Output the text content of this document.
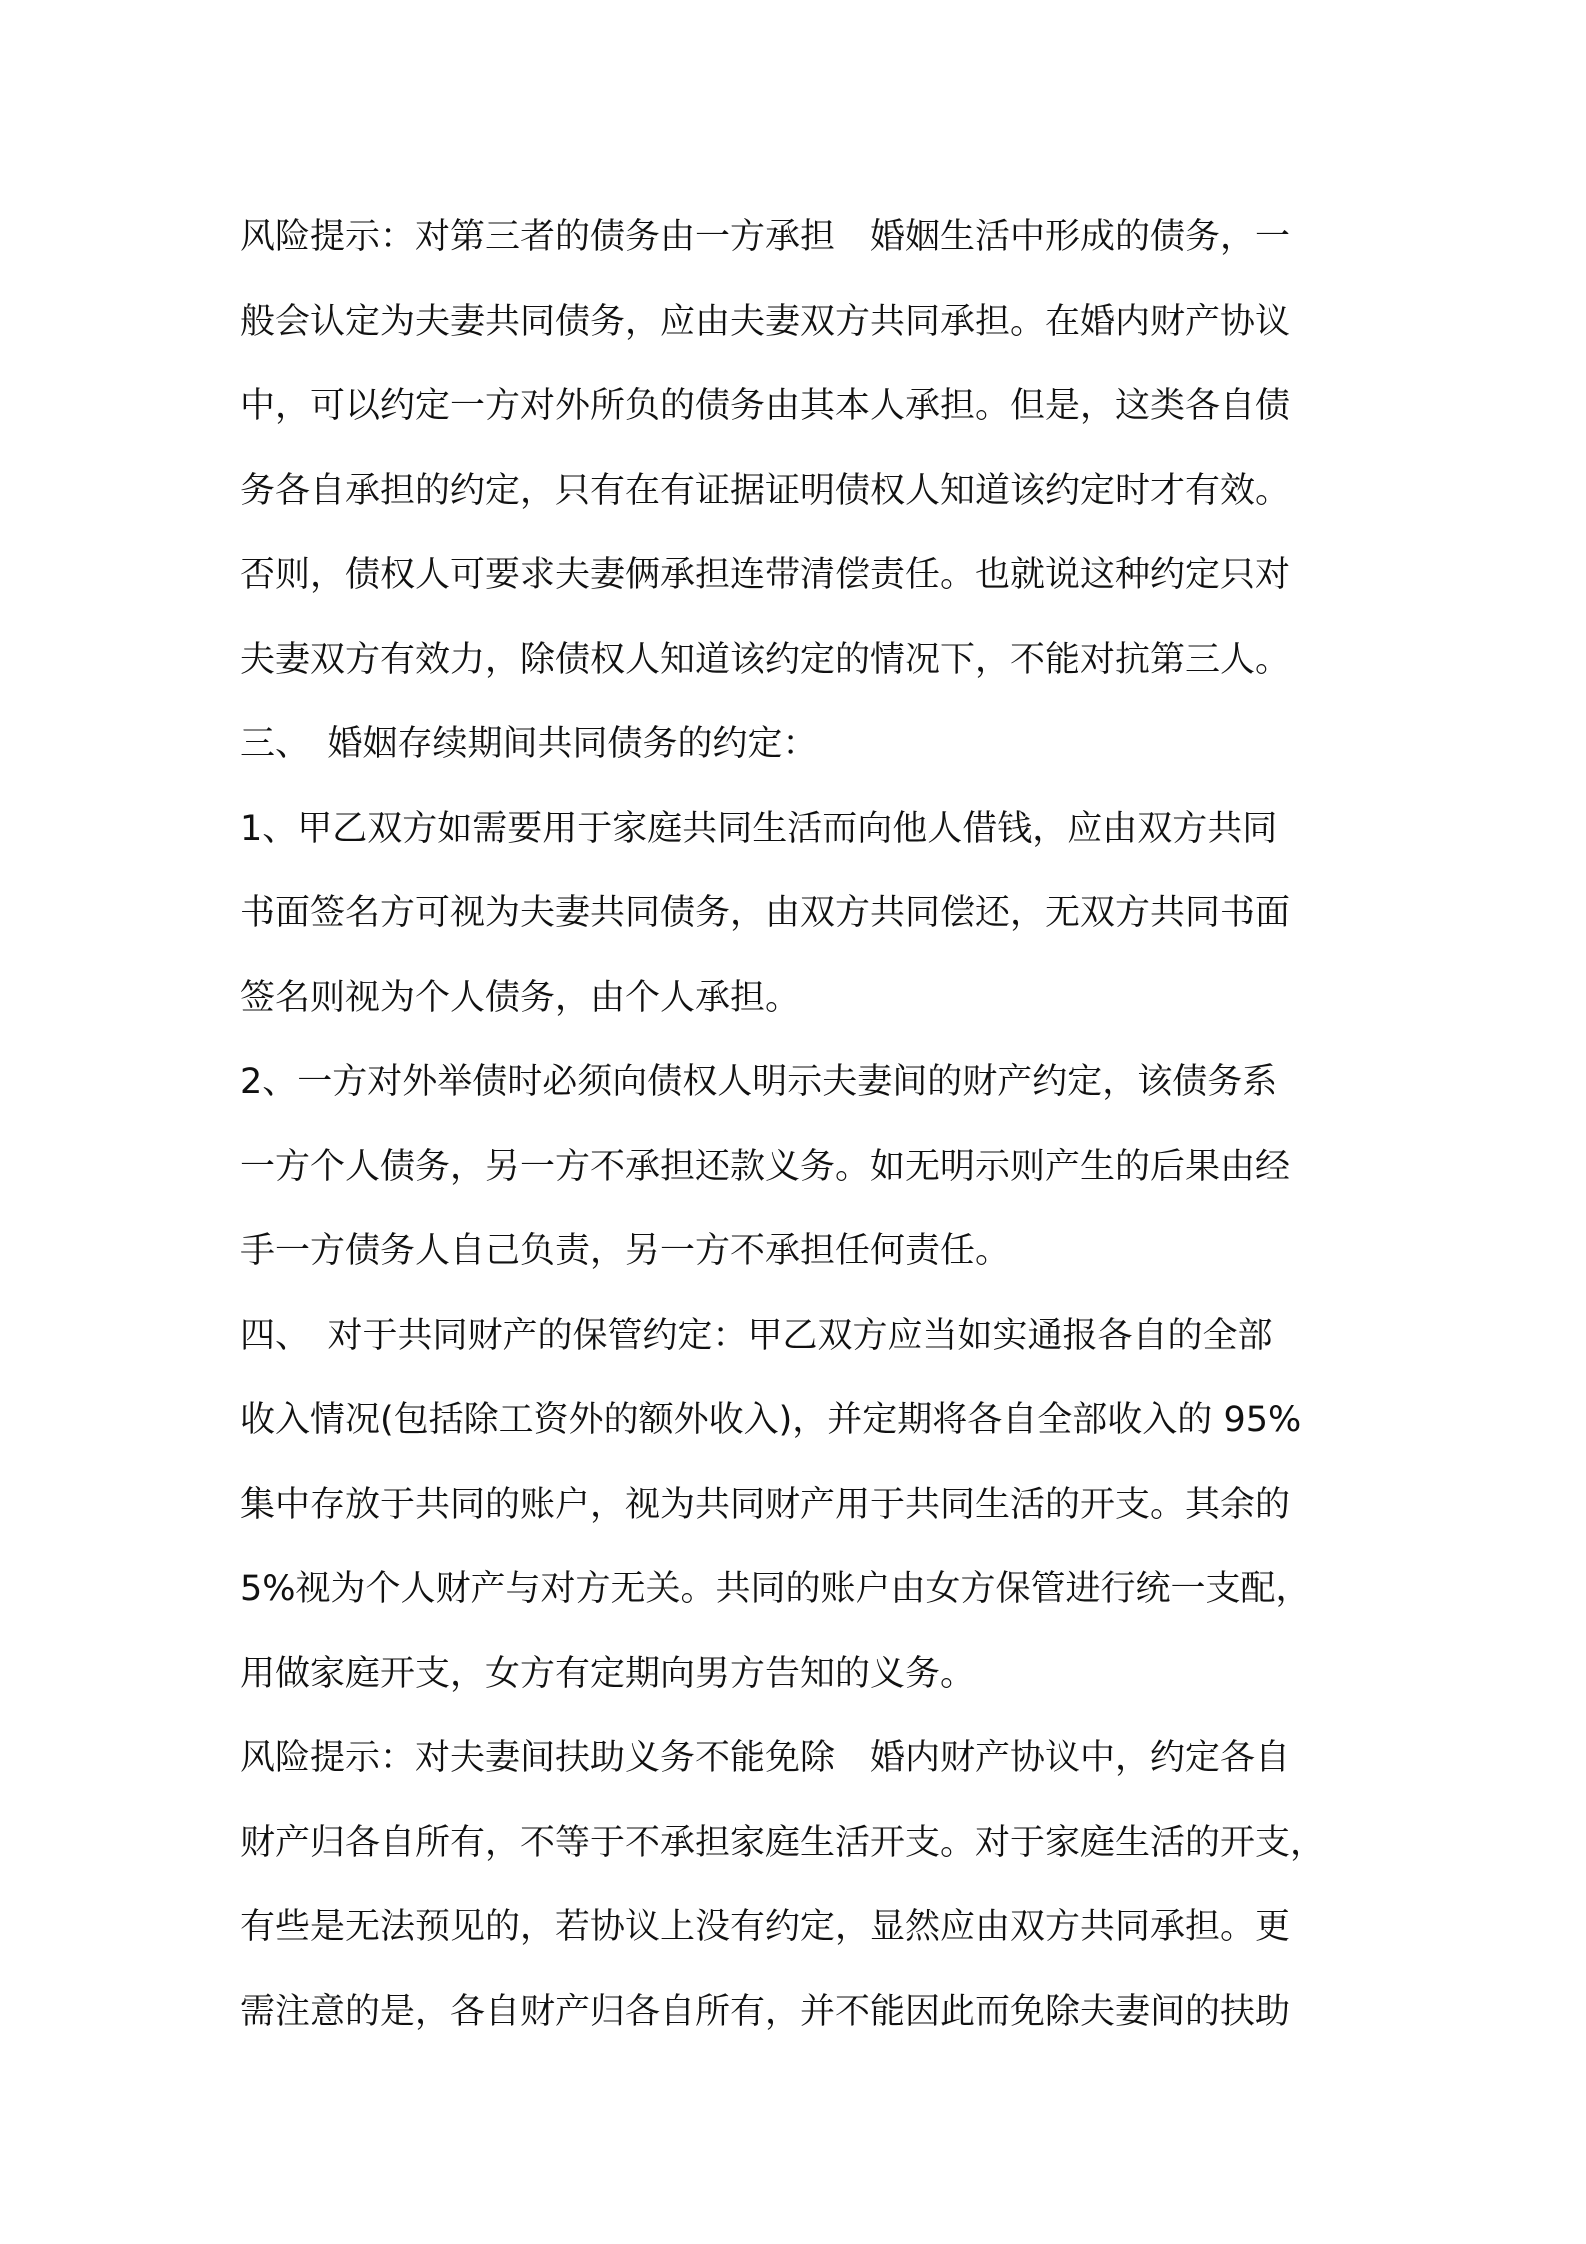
风险提示：对第三者的债务由一方承担　婚姻生活中形成的债务，一
般会认定为夫妻共同债务，应由夫妻双方共同承担。在婚内财产协议
中，可以约定一方对外所负的债务由其本人承担。但是，这类各自债
务各自承担的约定，只有在有证据证明债权人知道该约定时才有效。
否则，债权人可要求夫妻俩承担连带清偿责任。也就说这种约定只对
夫妻双方有效力，除债权人知道该约定的情况下，不能对抗第三人。
三、　婚姻存续期间共同债务的约定：
1、甲乙双方如需要用于家庭共同生活而向他人借钱，应由双方共同
书面签名方可视为夫妻共同债务，由双方共同偿还，无双方共同书面
签名则视为个人债务，由个人承担。
2、一方对外举债时必须向债权人明示夫妻间的财产约定，该债务系
一方个人债务，另一方不承担还款义务。如无明示则产生的后果由经
手一方债务人自己负责，另一方不承担任何责任。
四、　对于共同财产的保管约定：甲乙双方应当如实通报各自的全部
收入情况(包括除工资外的额外收入)，并定期将各自全部收入的 95%
集中存放于共同的账户，视为共同财产用于共同生活的开支。其余的
5%视为个人财产与对方无关。共同的账户由女方保管进行统一支配，
用做家庭开支，女方有定期向男方告知的义务。
风险提示：对夫妻间扶助义务不能免除　婚内财产协议中，约定各自
财产归各自所有，不等于不承担家庭生活开支。对于家庭生活的开支，
有些是无法预见的，若协议上没有约定，显然应由双方共同承担。更
需注意的是，各自财产归各自所有，并不能因此而免除夫妻间的扶助
